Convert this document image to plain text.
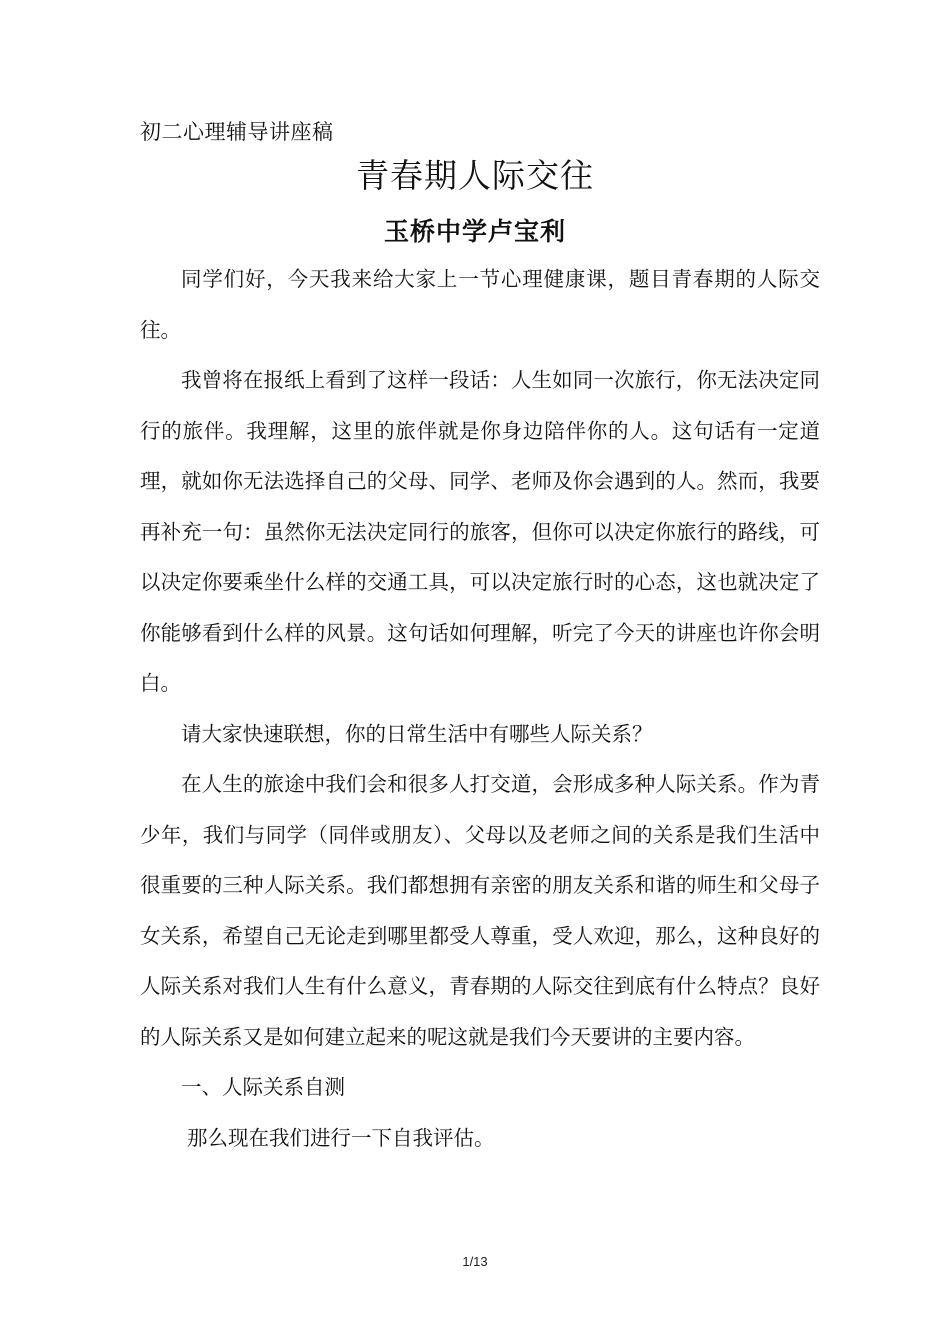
初二心理辅导讲座稿
青春期人际交往
玉桥中学卢宝利

同学们好，今天我来给大家上一节心理健康课，题目青春期的人际交往。

我曾将在报纸上看到了这样一段话：人生如同一次旅行，你无法决定同行的旅伴。我理解，这里的旅伴就是你身边陪伴你的人。这句话有一定道理，就如你无法选择自己的父母、同学、老师及你会遇到的人。然而，我要再补充一句：虽然你无法决定同行的旅客，但你可以决定你旅行的路线，可以决定你要乘坐什么样的交通工具，可以决定旅行时的心态，这也就决定了你能够看到什么样的风景。这句话如何理解，听完了今天的讲座也许你会明白。

请大家快速联想，你的日常生活中有哪些人际关系？

在人生的旅途中我们会和很多人打交道，会形成多种人际关系。作为青少年，我们与同学（同伴或朋友）、父母以及老师之间的关系是我们生活中很重要的三种人际关系。我们都想拥有亲密的朋友关系和谐的师生和父母子女关系，希望自己无论走到哪里都受人尊重，受人欢迎，那么，这种良好的人际关系对我们人生有什么意义，青春期的人际交往到底有什么特点？良好的人际关系又是如何建立起来的呢这就是我们今天要讲的主要内容。

一、人际关系自测

那么现在我们进行一下自我评估。

1/13
